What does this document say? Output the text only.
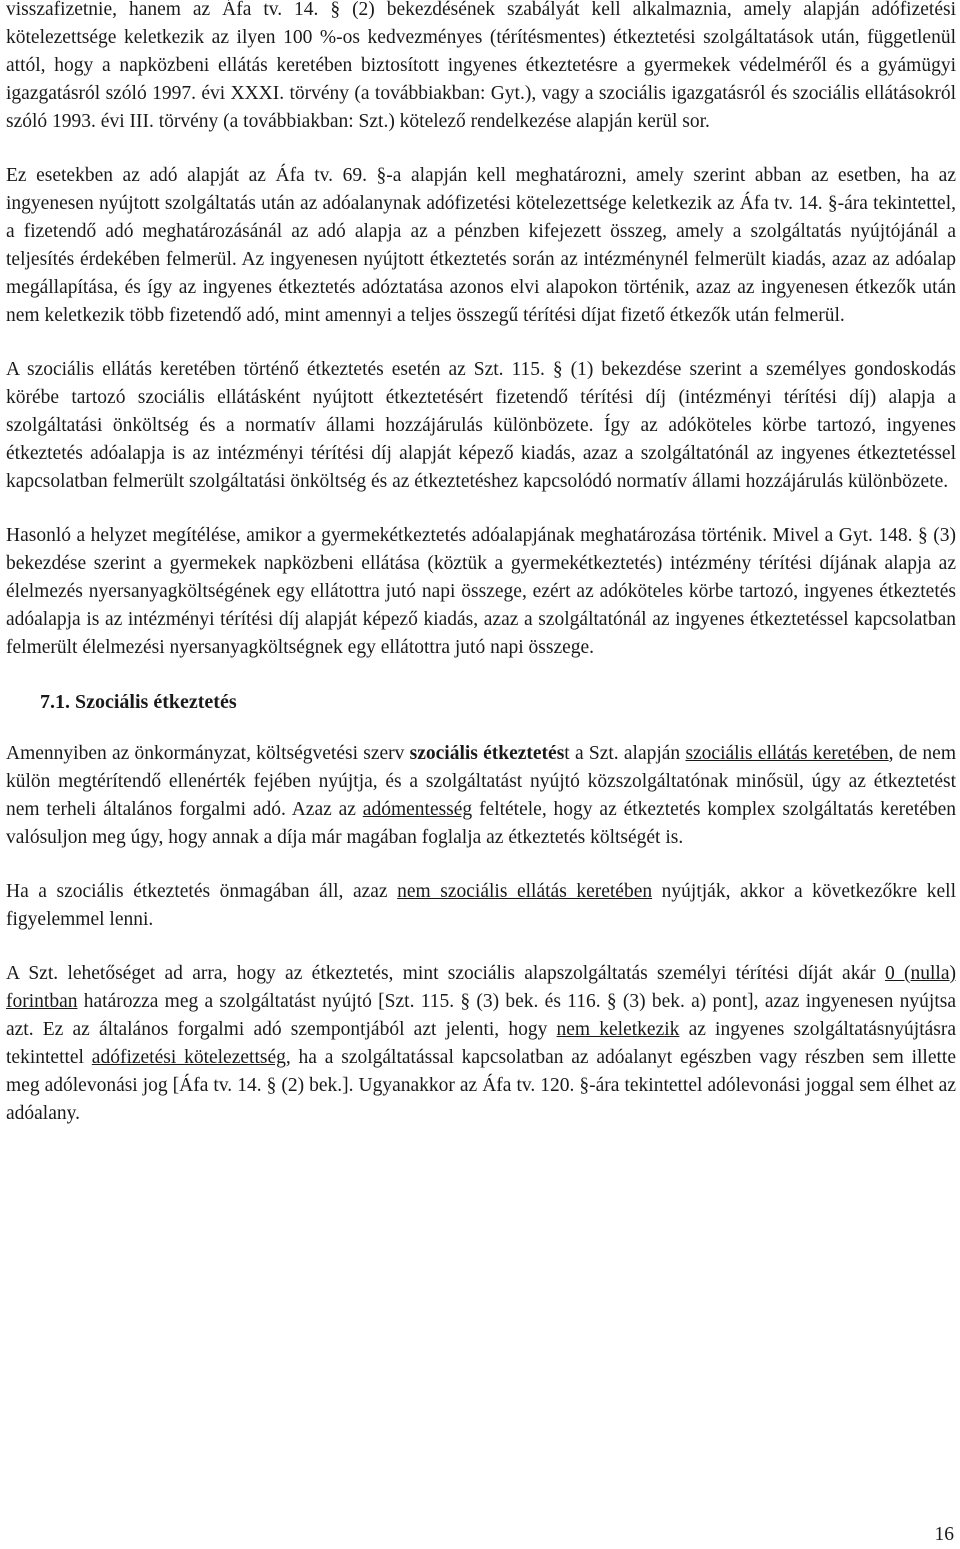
visszafizetnie, hanem az Áfa tv. 14. § (2) bekezdésének szabályát kell alkalmaznia, amely alapján adófizetési kötelezettsége keletkezik az ilyen 100 %-os kedvezményes (térítésmentes) étkeztetési szolgáltatások után, függetlenül attól, hogy a napközbeni ellátás keretében biztosított ingyenes étkeztetésre a gyermekek védelméről és a gyámügyi igazgatásról szóló 1997. évi XXXI. törvény (a továbbiakban: Gyt.), vagy a szociális igazgatásról és szociális ellátásokról szóló 1993. évi III. törvény (a továbbiakban: Szt.) kötelező rendelkezése alapján kerül sor.

Ez esetekben az adó alapját az Áfa tv. 69. §-a alapján kell meghatározni, amely szerint abban az esetben, ha az ingyenesen nyújtott szolgáltatás után az adóalanynak adófizetési kötelezettsége keletkezik az Áfa tv. 14. §-ára tekintettel, a fizetendő adó meghatározásánál az adó alapja az a pénzben kifejezett összeg, amely a szolgáltatás nyújtójánál a teljesítés érdekében felmerül. Az ingyenesen nyújtott étkeztetés során az intézménynél felmerült kiadás, azaz az adóalap megállapítása, és így az ingyenes étkeztetés adóztatása azonos elvi alapokon történik, azaz az ingyenesen étkezők után nem keletkezik több fizetendő adó, mint amennyi a teljes összegű térítési díjat fizető étkezők után felmerül.

A szociális ellátás keretében történő étkeztetés esetén az Szt. 115. § (1) bekezdése szerint a személyes gondoskodás körébe tartozó szociális ellátásként nyújtott étkeztetésért fizetendő térítési díj (intézményi térítési díj) alapja a szolgáltatási önköltség és a normatív állami hozzájárulás különbözete. Így az adóköteles körbe tartozó, ingyenes étkeztetés adóalapja is az intézményi térítési díj alapját képező kiadás, azaz a szolgáltatónál az ingyenes étkeztetéssel kapcsolatban felmerült szolgáltatási önköltség és az étkeztetéshez kapcsolódó normatív állami hozzájárulás különbözete.

Hasonló a helyzet megítélése, amikor a gyermekétkeztetés adóalapjának meghatározása történik. Mivel a Gyt. 148. § (3) bekezdése szerint a gyermekek napközbeni ellátása (köztük a gyermekétkeztetés) intézmény térítési díjának alapja az élelmezés nyersanyagköltségének egy ellátottra jutó napi összege, ezért az adóköteles körbe tartozó, ingyenes étkeztetés adóalapja is az intézményi térítési díj alapját képező kiadás, azaz a szolgáltatónál az ingyenes étkeztetéssel kapcsolatban felmerült élelmezési nyersanyagköltségnek egy ellátottra jutó napi összege.

7.1. Szociális étkeztetés

Amennyiben az önkormányzat, költségvetési szerv szociális étkeztetést a Szt. alapján szociális ellátás keretében, de nem külön megtérítendő ellenérték fejében nyújtja, és a szolgáltatást nyújtó közszolgáltatónak minősül, úgy az étkeztetést nem terheli általános forgalmi adó. Azaz az adómentesség feltétele, hogy az étkeztetés komplex szolgáltatás keretében valósuljon meg úgy, hogy annak a díja már magában foglalja az étkeztetés költségét is.

Ha a szociális étkeztetés önmagában áll, azaz nem szociális ellátás keretében nyújtják, akkor a következőkre kell figyelemmel lenni.

A Szt. lehetőséget ad arra, hogy az étkeztetés, mint szociális alapszolgáltatás személyi térítési díját akár 0 (nulla) forintban határozza meg a szolgáltatást nyújtó [Szt. 115. § (3) bek. és 116. § (3) bek. a) pont], azaz ingyenesen nyújtsa azt. Ez az általános forgalmi adó szempontjából azt jelenti, hogy nem keletkezik az ingyenes szolgáltatásnyújtásra tekintettel adófizetési kötelezettség, ha a szolgáltatással kapcsolatban az adóalanyt egészben vagy részben sem illette meg adólevonási jog [Áfa tv. 14. § (2) bek.]. Ugyanakkor az Áfa tv. 120. §-ára tekintettel adólevonási joggal sem élhet az adóalany.

16
